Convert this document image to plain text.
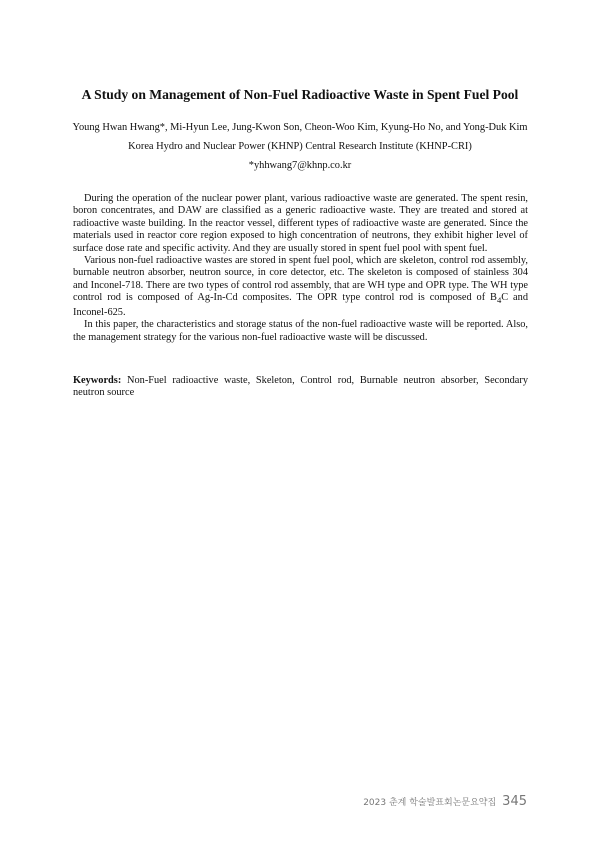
A Study on Management of Non-Fuel Radioactive Waste in Spent Fuel Pool

Young Hwan Hwang*, Mi-Hyun Lee, Jung-Kwon Son, Cheon-Woo Kim, Kyung-Ho No, and Yong-Duk Kim

Korea Hydro and Nuclear Power (KHNP) Central Research Institute (KHNP-CRI)

*yhhwang7@khnp.co.kr

During the operation of the nuclear power plant, various radioactive waste are generated. The spent resin, boron concentrates, and DAW are classified as a generic radioactive waste. They are treated and stored at radioactive waste building. In the reactor vessel, different types of radioactive waste are generated. Since the materials used in reactor core region exposed to high concentration of neutrons, they exhibit higher level of surface dose rate and specific activity. And they are usually stored in spent fuel pool with spent fuel.

Various non-fuel radioactive wastes are stored in spent fuel pool, which are skeleton, control rod assembly, burnable neutron absorber, neutron source, in core detector, etc. The skeleton is composed of stainless 304 and Inconel-718. There are two types of control rod assembly, that are WH type and OPR type. The WH type control rod is composed of Ag-In-Cd composites. The OPR type control rod is composed of $B_4C$ and Inconel-625.

In this paper, the characteristics and storage status of the non-fuel radioactive waste will be reported. Also, the management strategy for the various non-fuel radioactive waste will be discussed.

Keywords: Non-Fuel radioactive waste, Skeleton, Control rod, Burnable neutron absorber, Secondary neutron source

2023 춘계 학술발표회논문요약집 345
